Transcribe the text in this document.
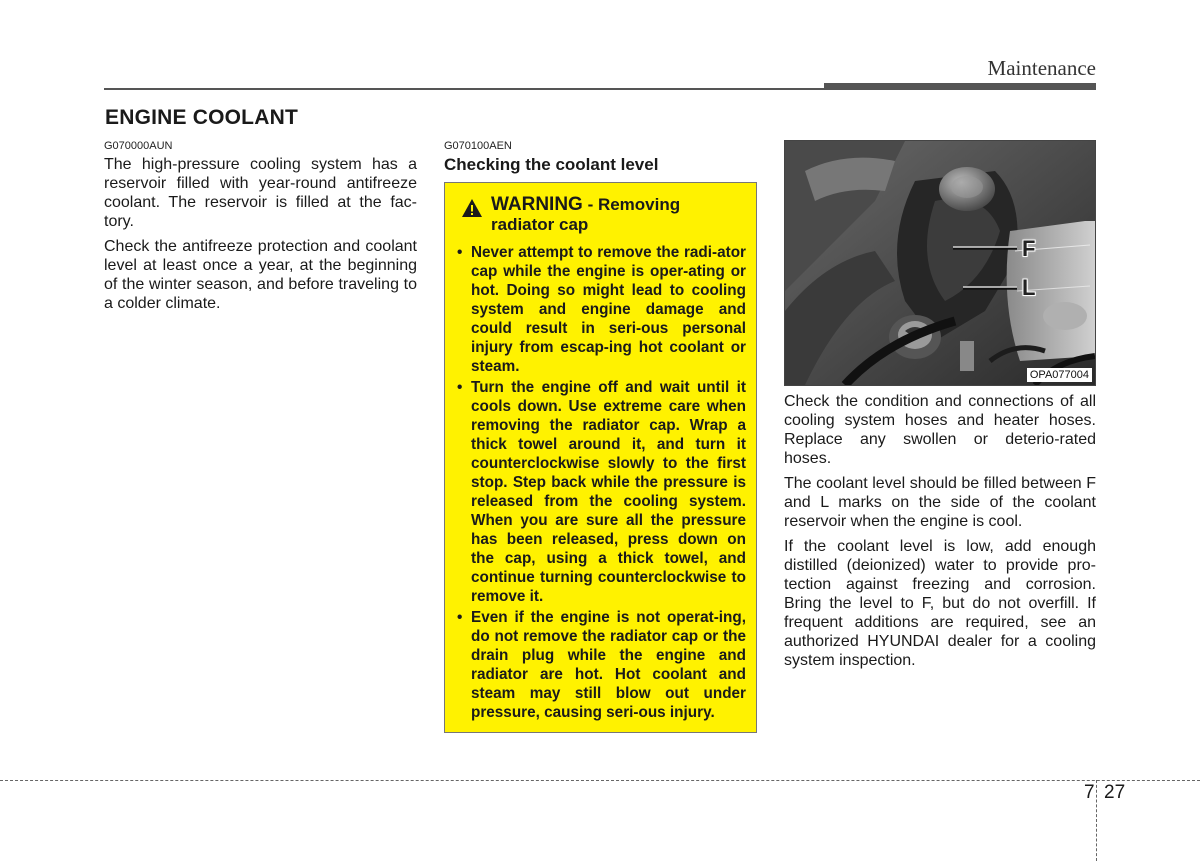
Maintenance
ENGINE COOLANT
G070000AUN

The high-pressure cooling system has a reservoir filled with year-round antifreeze coolant. The reservoir is filled at the fac-tory.

Check the antifreeze protection and coolant level at least once a year, at the beginning of the winter season, and before traveling to a colder climate.

G070100AEN
Checking the coolant level
WARNING - Removing radiator cap
• Never attempt to remove the radi-ator cap while the engine is oper-ating or hot. Doing so might lead to cooling system and engine damage and could result in seri-ous personal injury from escap-ing hot coolant or steam.
• Turn the engine off and wait until it cools down. Use extreme care when removing the radiator cap. Wrap a thick towel around it, and turn it counterclockwise slowly to the first stop. Step back while the pressure is released from the cooling system. When you are sure all the pressure has been released, press down on the cap, using a thick towel, and continue turning counterclockwise to remove it.
• Even if the engine is not operat-ing, do not remove the radiator cap or the drain plug while the engine and radiator are hot. Hot coolant and steam may still blow out under pressure, causing seri-ous injury.
F
L
OPA077004

Check the condition and connections of all cooling system hoses and heater hoses. Replace any swollen or deterio-rated hoses.

The coolant level should be filled between F and L marks on the side of the coolant reservoir when the engine is cool.

If the coolant level is low, add enough distilled (deionized) water to provide pro-tection against freezing and corrosion. Bring the level to F, but do not overfill. If frequent additions are required, see an authorized HYUNDAI dealer for a cooling system inspection.

7 27
